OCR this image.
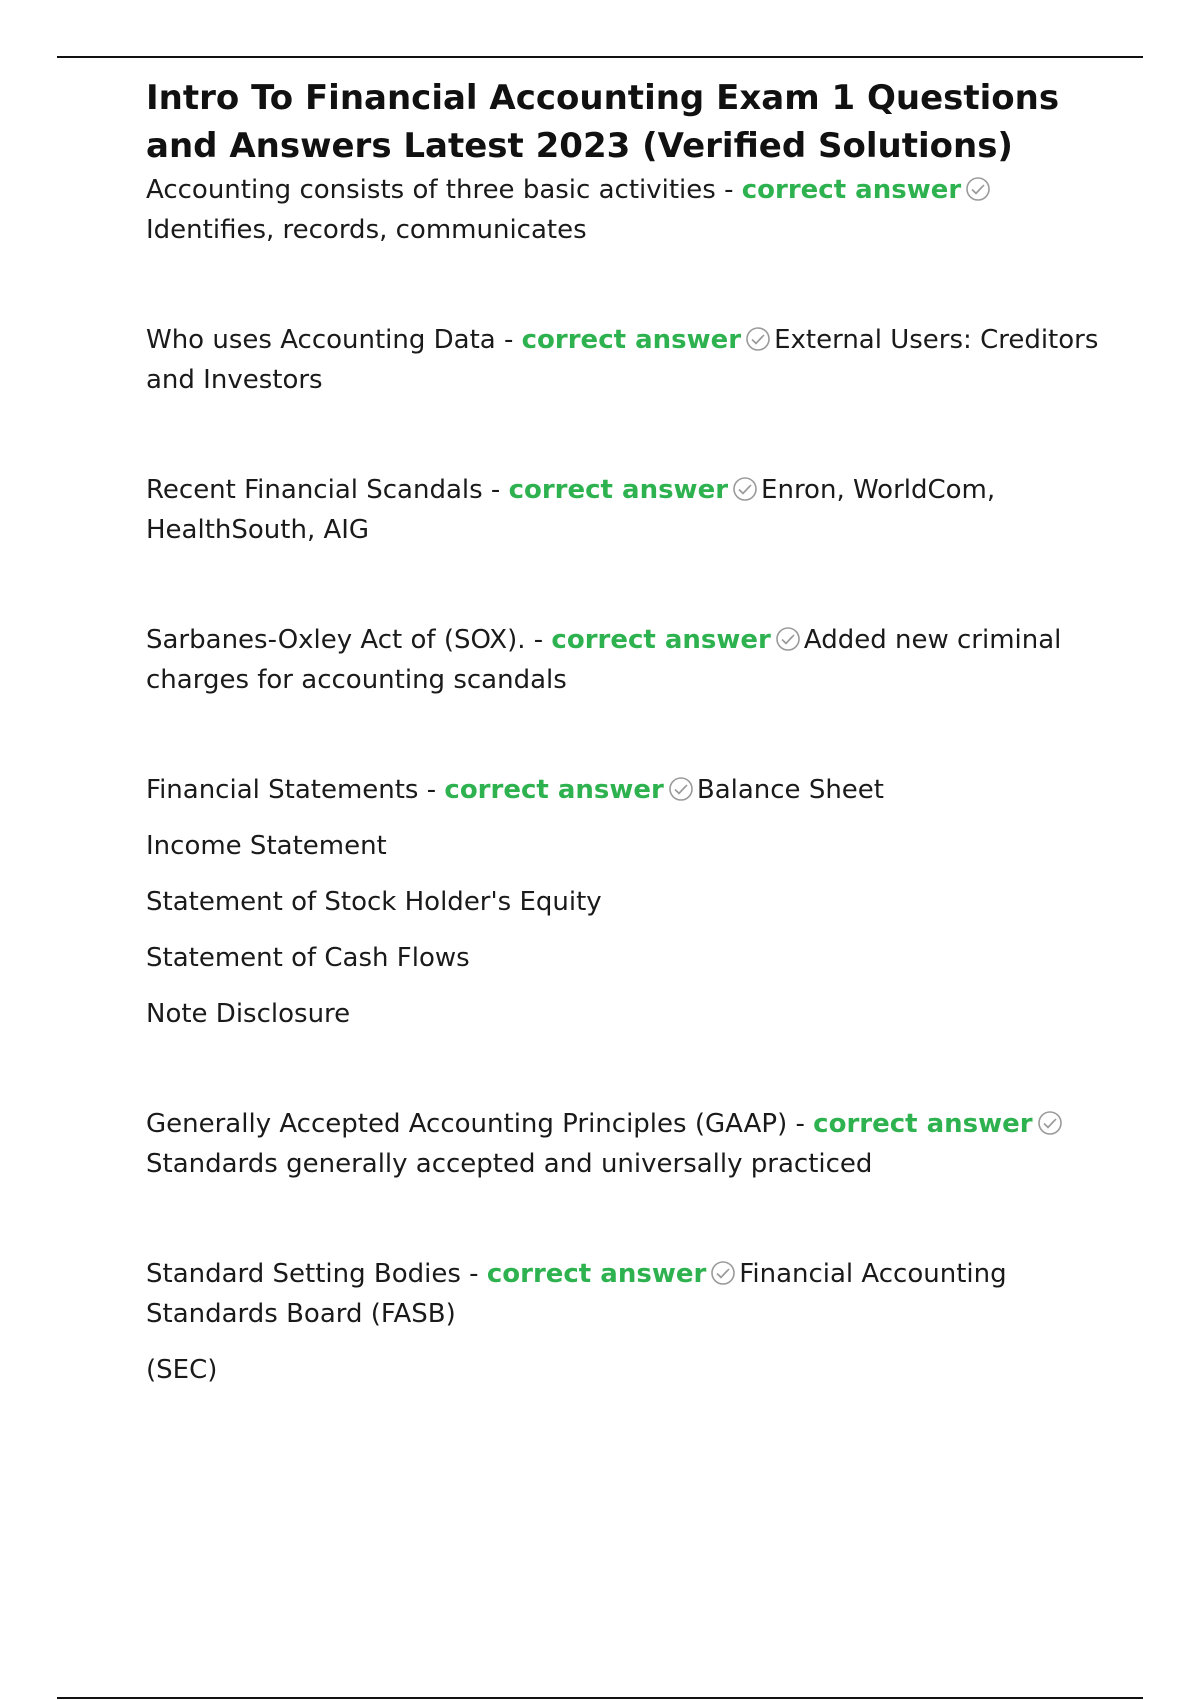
Intro To Financial Accounting Exam 1 Questions and Answers Latest 2023 (Verified Solutions)
Accounting consists of three basic activities - correct answerIdentifies, records, communicates
Who uses Accounting Data - correct answer External Users: Creditors and Investors
Recent Financial Scandals - correct answer Enron, WorldCom, HealthSouth, AIG
Sarbanes-Oxley Act of (SOX). - correct answer Added new criminal charges for accounting scandals
Financial Statements - correct answer Balance Sheet
Income Statement
Statement of Stock Holder's Equity
Statement of Cash Flows
Note Disclosure
Generally Accepted Accounting Principles (GAAP) - correct answerStandards generally accepted and universally practiced
Standard Setting Bodies - correct answer Financial Accounting Standards Board (FASB)
(SEC)
